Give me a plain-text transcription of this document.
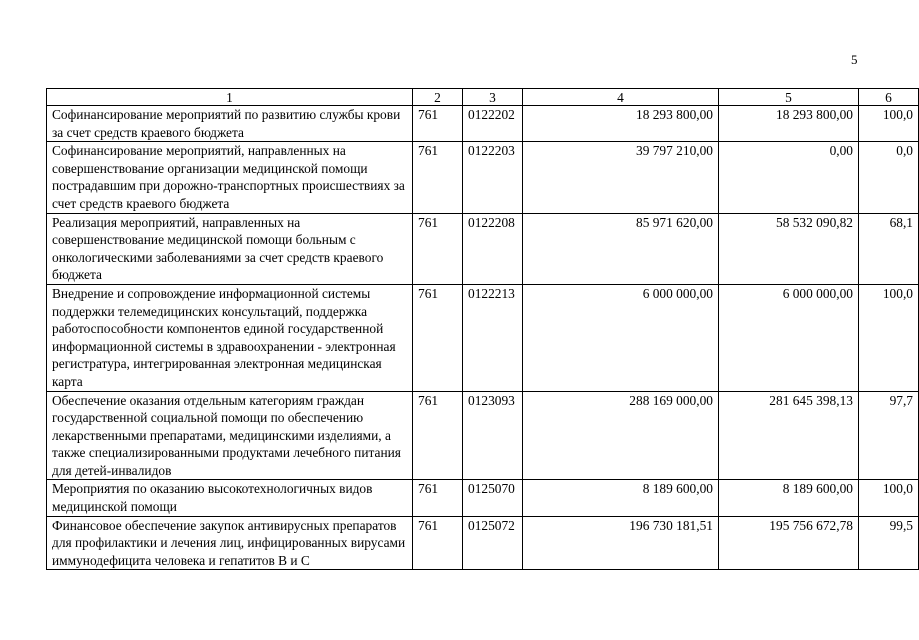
5
1	2	3	4	5	6
Софинансирование мероприятий по развитию службы крови за счет средств краевого бюджета	761	0122202	18 293 800,00	18 293 800,00	100,0
Софинансирование мероприятий, направленных на совершенствование организации медицинской помощи пострадавшим при дорожно-транспортных происшествиях за счет средств краевого бюджета	761	0122203	39 797 210,00	0,00	0,0
Реализация мероприятий, направленных на совершенствование медицинской помощи больным с онкологическими заболеваниями за счет средств краевого бюджета	761	0122208	85 971 620,00	58 532 090,82	68,1
Внедрение и сопровождение информационной системы поддержки телемедицинских консультаций, поддержка работоспособности компонентов единой государственной информационной системы в здравоохранении - электронная регистратура, интегрированная электронная медицинская карта	761	0122213	6 000 000,00	6 000 000,00	100,0
Обеспечение оказания отдельным категориям граждан государственной социальной помощи по обеспечению лекарственными препаратами, медицинскими изделиями, а также специализированными продуктами лечебного питания для детей-инвалидов	761	0123093	288 169 000,00	281 645 398,13	97,7
Мероприятия по оказанию высокотехнологичных видов медицинской помощи	761	0125070	8 189 600,00	8 189 600,00	100,0
Финансовое обеспечение закупок антивирусных препаратов для профилактики и лечения лиц, инфицированных вирусами иммунодефицита человека и гепатитов В и С	761	0125072	196 730 181,51	195 756 672,78	99,5
